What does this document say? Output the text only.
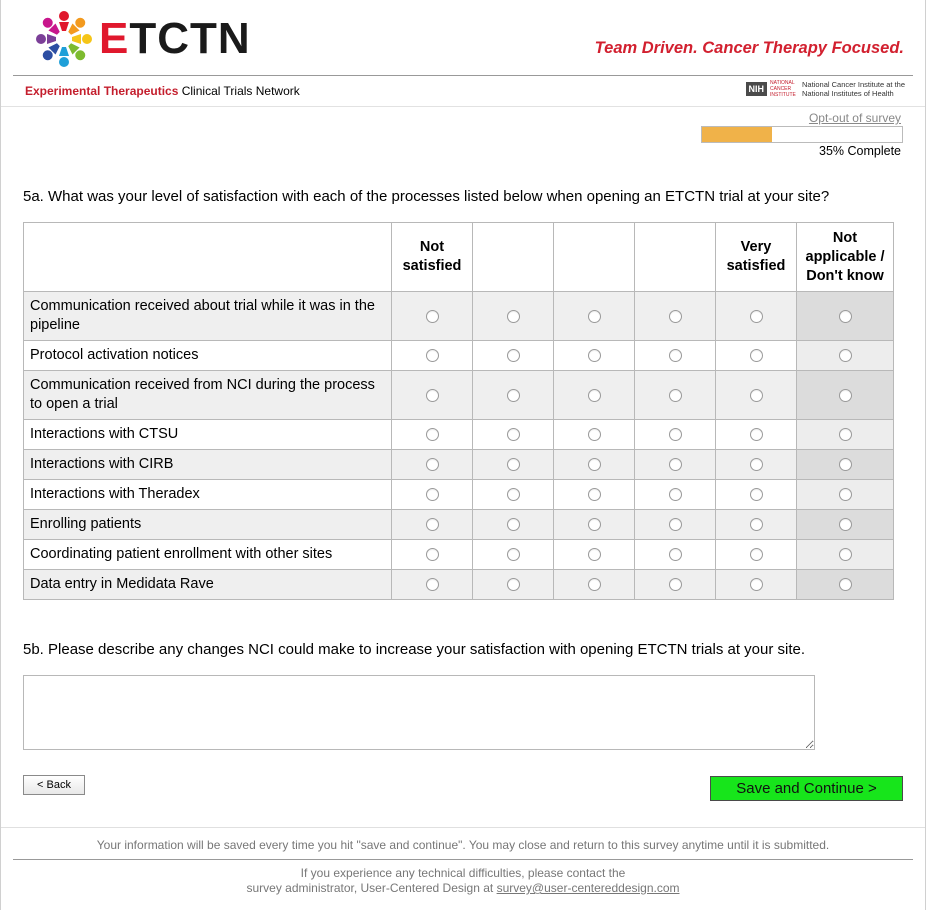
ETCTN	Team Driven. Cancer Therapy Focused.
Experimental Therapeutics Clinical Trials Network	NIH
NATIONAL CANCER INSTITUTE
National Cancer Institute at the
National Institutes of Health
Opt-out of survey
35% Complete
5a. What was your level of satisfaction with each of the processes listed below when opening an ETCTN trial at your site?
	Not satisfied				Very satisfied	Not applicable / Don't know
Communication received about trial while it was in the pipeline						
Protocol activation notices						
Communication received from NCI during the process to open a trial						
Interactions with CTSU						
Interactions with CIRB						
Interactions with Theradex						
Enrolling patients						
Coordinating patient enrollment with other sites						
Data entry in Medidata Rave						
5b. Please describe any changes NCI could make to increase your satisfaction with opening ETCTN trials at your site.
< Back	Save and Continue >
Your information will be saved every time you hit "save and continue". You may close and return to this survey anytime until it is submitted.
If you experience any technical difficulties, please contact the
survey administrator, User-Centered Design at survey@user-centereddesign.com
